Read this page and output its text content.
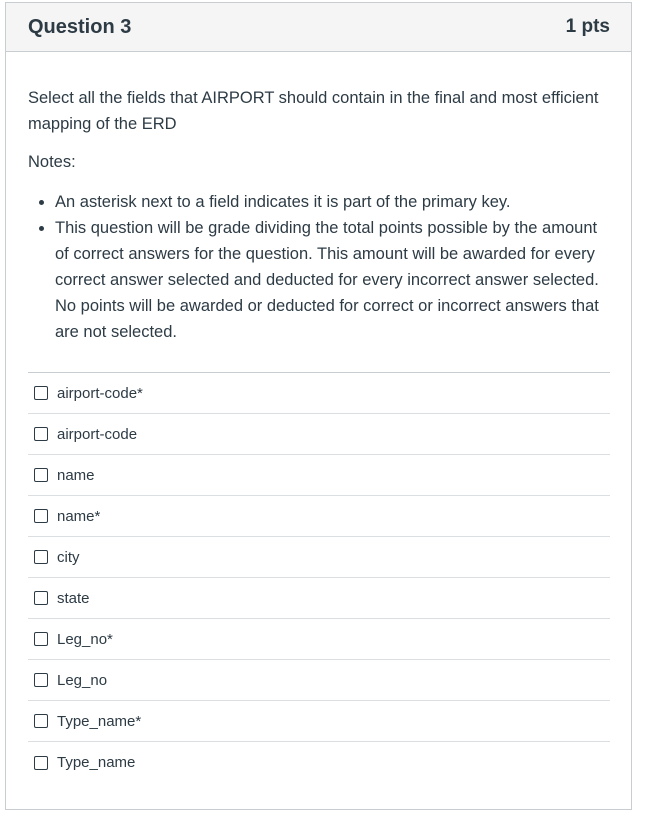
Question 3	1 pts

Select all the fields that AIRPORT should contain in the final and most efficient mapping of the ERD

Notes:

• An asterisk next to a field indicates it is part of the primary key.
• This question will be grade dividing the total points possible by the amount of correct answers for the question. This amount will be awarded for every correct answer selected and deducted for every incorrect answer selected. No points will be awarded or deducted for correct or incorrect answers that are not selected.
airport-code*
airport-code
name
name*
city
state
Leg_no*
Leg_no
Type_name*
Type_name
